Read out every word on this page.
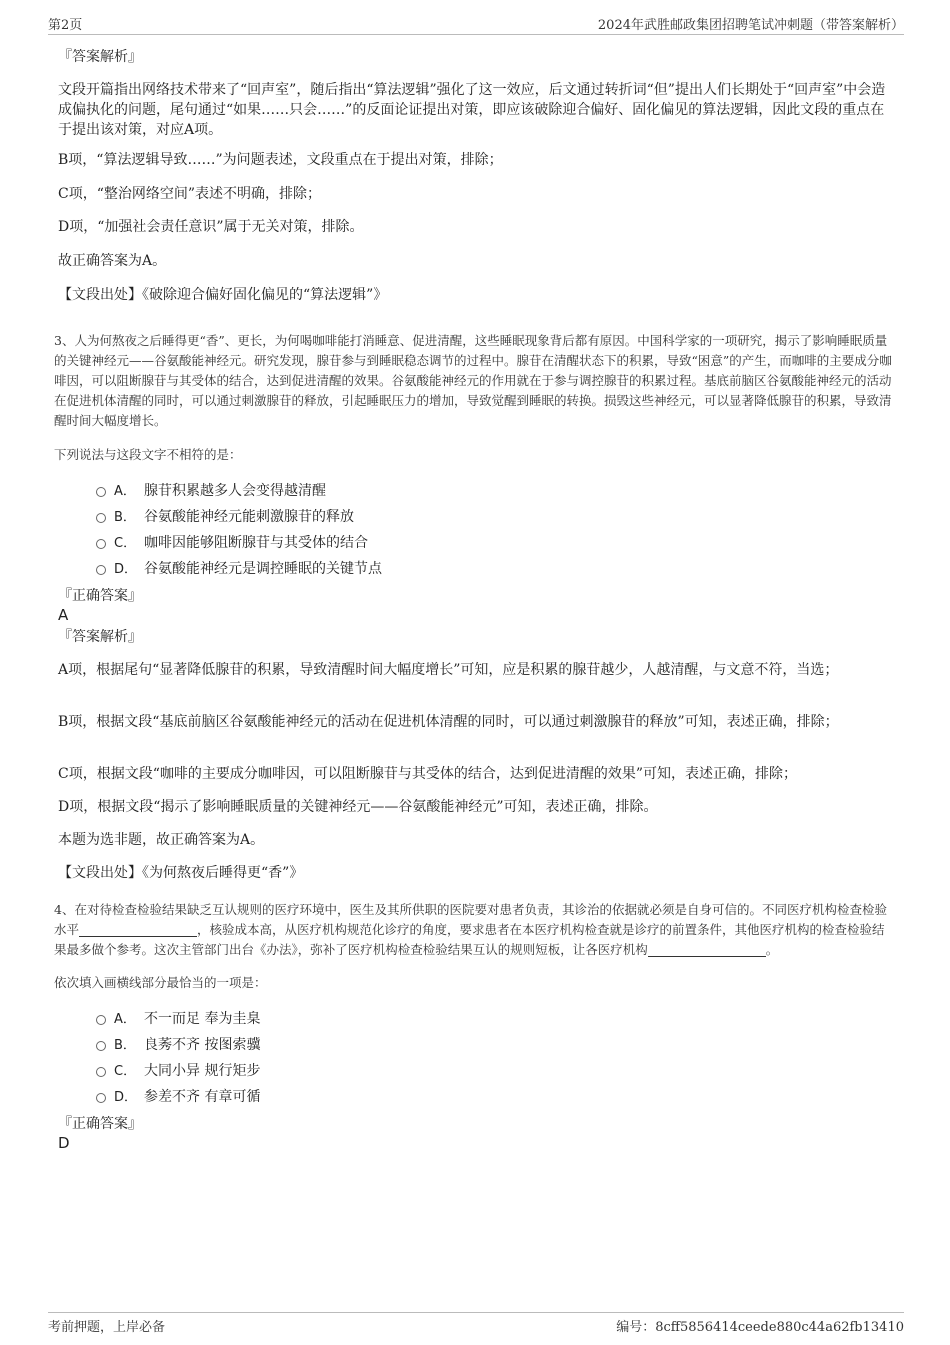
第2页	2024年武胜邮政集团招聘笔试冲刺题（带答案解析）

『答案解析』

文段开篇指出网络技术带来了“回声室”，随后指出“算法逻辑”强化了这一效应，后文通过转折词“但”提出人们长期处于“回声室”中会造成偏执化的问题，尾句通过“如果……只会……”的反面论证提出对策，即应该破除迎合偏好、固化偏见的算法逻辑，因此文段的重点在于提出该对策，对应A项。

B项，“算法逻辑导致……”为问题表述，文段重点在于提出对策，排除；

C项，“整治网络空间”表述不明确，排除；

D项，“加强社会责任意识”属于无关对策，排除。

故正确答案为A。

【文段出处】《破除迎合偏好固化偏见的“算法逻辑”》

3、人为何熬夜之后睡得更“香”、更长，为何喝咖啡能打消睡意、促进清醒，这些睡眠现象背后都有原因。中国科学家的一项研究，揭示了影响睡眠质量的关键神经元——谷氨酸能神经元。研究发现，腺苷参与到睡眠稳态调节的过程中。腺苷在清醒状态下的积累，导致“困意”的产生，而咖啡的主要成分咖啡因，可以阻断腺苷与其受体的结合，达到促进清醒的效果。谷氨酸能神经元的作用就在于参与调控腺苷的积累过程。基底前脑区谷氨酸能神经元的活动在促进机体清醒的同时，可以通过刺激腺苷的释放，引起睡眠压力的增加，导致觉醒到睡眠的转换。损毁这些神经元，可以显著降低腺苷的积累，导致清醒时间大幅度增长。

下列说法与这段文字不相符的是：

A． 腺苷积累越多人会变得越清醒
B． 谷氨酸能神经元能刺激腺苷的释放
C． 咖啡因能够阻断腺苷与其受体的结合
D． 谷氨酸能神经元是调控睡眠的关键节点

『正确答案』

A

『答案解析』

A项，根据尾句“显著降低腺苷的积累，导致清醒时间大幅度增长”可知，应是积累的腺苷越少，人越清醒，与文意不符，当选；

B项，根据文段“基底前脑区谷氨酸能神经元的活动在促进机体清醒的同时，可以通过刺激腺苷的释放”可知，表述正确，排除；

C项，根据文段“咖啡的主要成分咖啡因，可以阻断腺苷与其受体的结合，达到促进清醒的效果”可知，表述正确，排除；

D项，根据文段“揭示了影响睡眠质量的关键神经元——谷氨酸能神经元”可知，表述正确，排除。

本题为选非题，故正确答案为A。

【文段出处】《为何熬夜后睡得更“香”》

4、在对待检查检验结果缺乏互认规则的医疗环境中，医生及其所供职的医院要对患者负责，其诊治的依据就必须是自身可信的。不同医疗机构检查检验水平	，核验成本高，从医疗机构规范化诊疗的角度，要求患者在本医疗机构检查就是诊疗的前置条件，其他医疗机构的检查检验结果最多做个参考。这次主管部门出台《办法》，弥补了医疗机构检查检验结果互认的规则短板，让各医疗机构	。

依次填入画横线部分最恰当的一项是：

A． 不一而足 奉为圭臬
B． 良莠不齐 按图索骥
C． 大同小异 规行矩步
D． 参差不齐 有章可循

『正确答案』

D

考前押题，上岸必备	编号：8cff5856414ceede880c44a62fb13410
